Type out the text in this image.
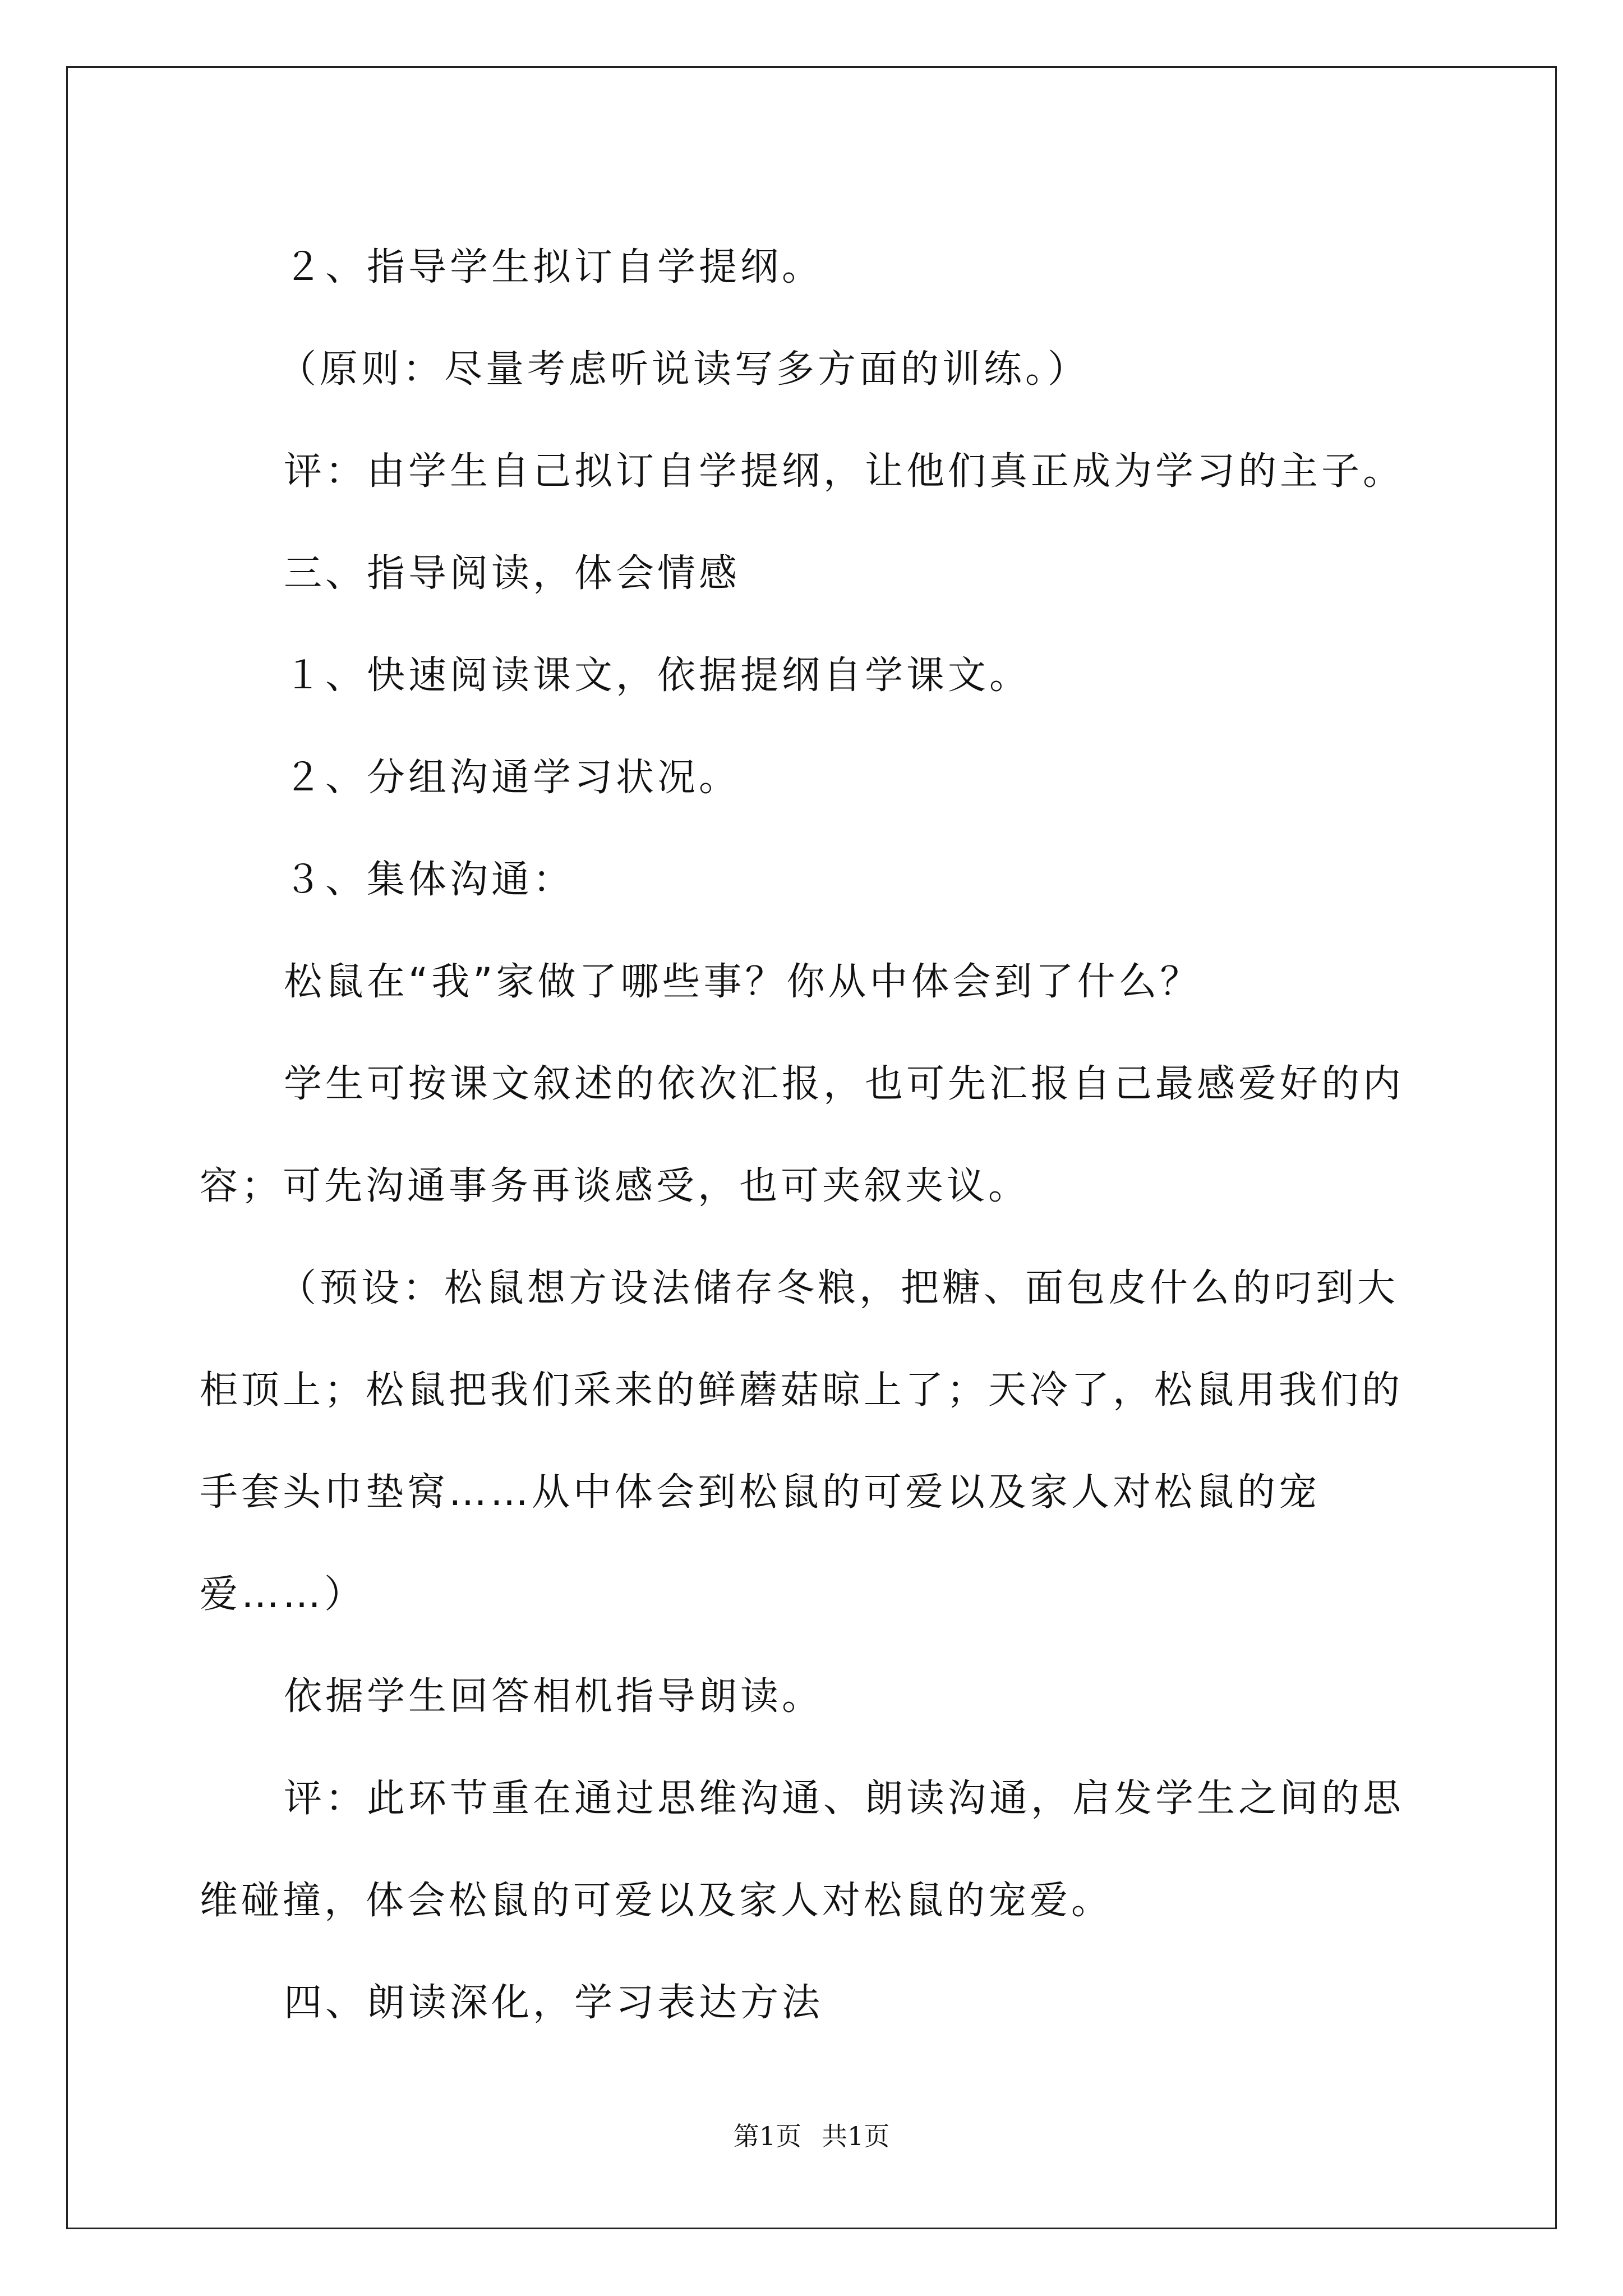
２、指导学生拟订自学提纲。

（原则：尽量考虑听说读写多方面的训练。）

评：由学生自己拟订自学提纲，让他们真正成为学习的主子。

三、指导阅读，体会情感

１、快速阅读课文，依据提纲自学课文。

２、分组沟通学习状况。

３、集体沟通：

松鼠在“我”家做了哪些事？你从中体会到了什么？

学生可按课文叙述的依次汇报，也可先汇报自己最感爱好的内容；可先沟通事务再谈感受，也可夹叙夹议。

（预设：松鼠想方设法储存冬粮，把糖、面包皮什么的叼到大柜顶上；松鼠把我们采来的鲜蘑菇晾上了；天冷了，松鼠用我们的手套头巾垫窝……从中体会到松鼠的可爱以及家人对松鼠的宠爱……）

依据学生回答相机指导朗读。

评：此环节重在通过思维沟通、朗读沟通，启发学生之间的思维碰撞，体会松鼠的可爱以及家人对松鼠的宠爱。

四、朗读深化，学习表达方法

第1页 共1页
